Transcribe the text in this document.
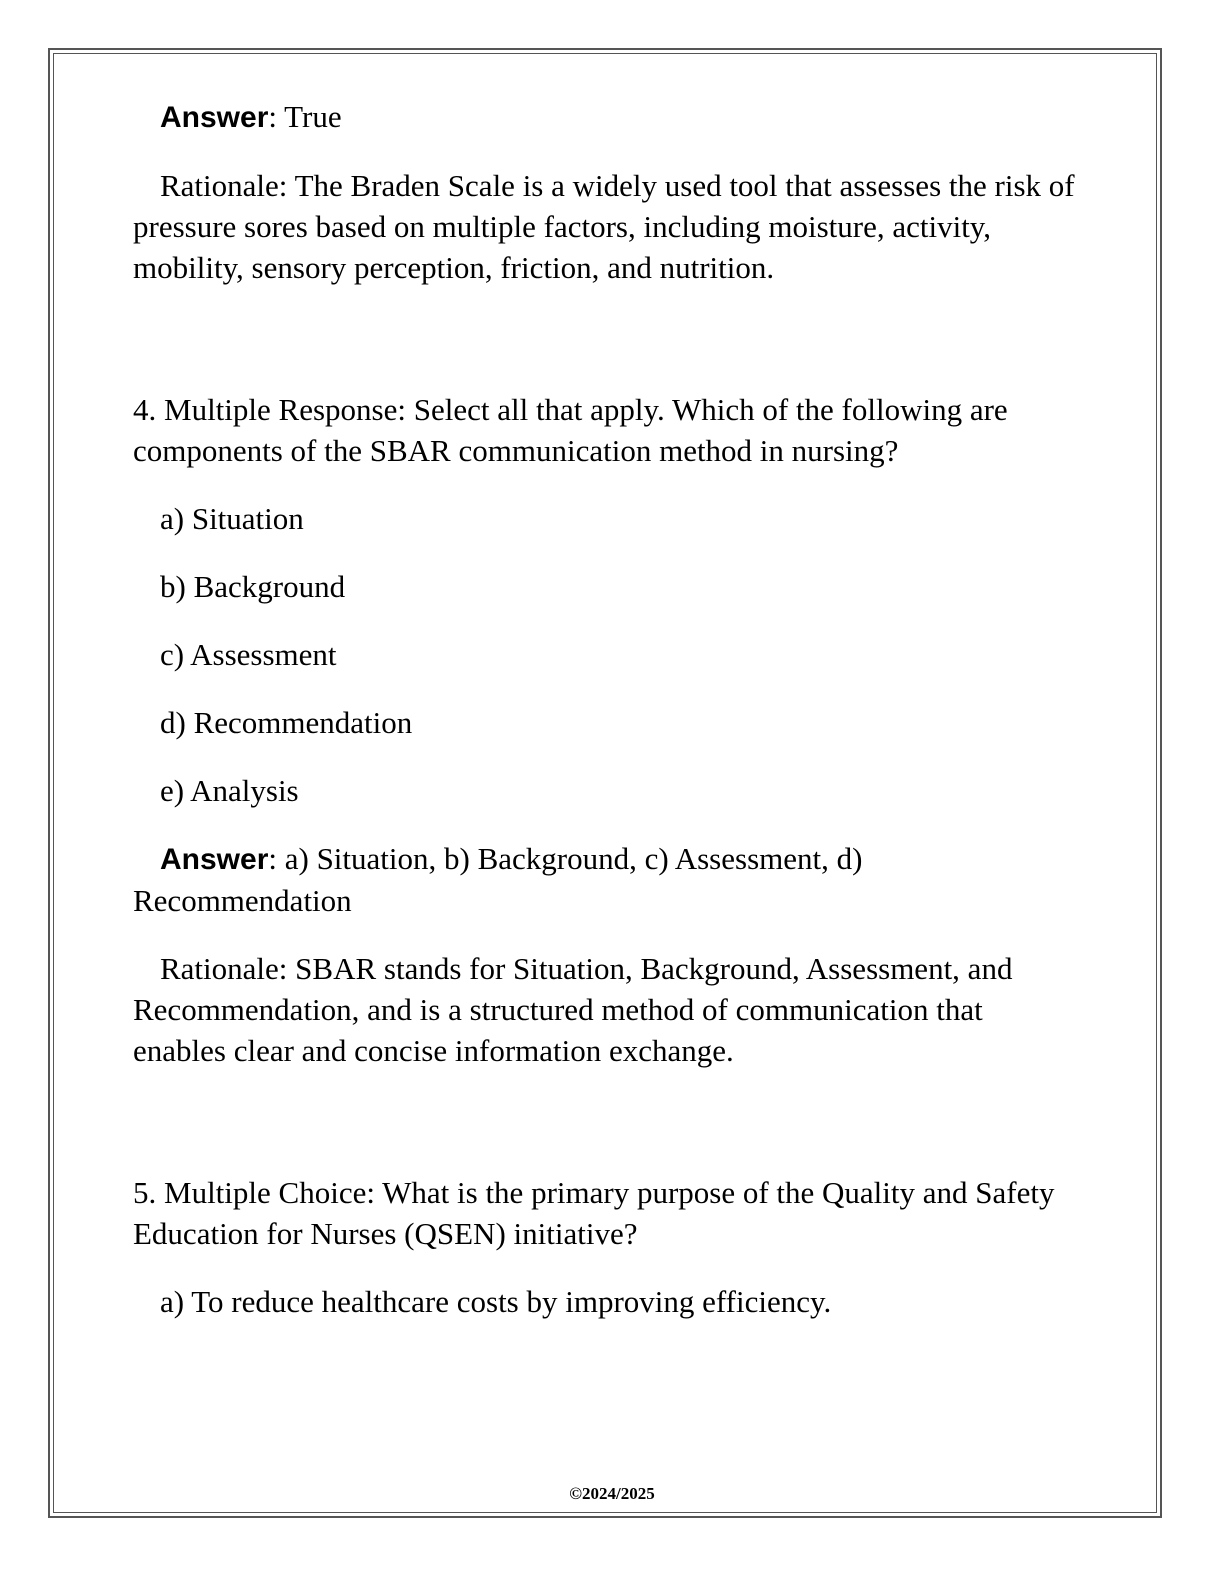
Answer: True

Rationale: The Braden Scale is a widely used tool that assesses the risk of pressure sores based on multiple factors, including moisture, activity, mobility, sensory perception, friction, and nutrition.

4. Multiple Response: Select all that apply. Which of the following are components of the SBAR communication method in nursing?

a) Situation

b) Background

c) Assessment

d) Recommendation

e) Analysis

Answer: a) Situation, b) Background, c) Assessment, d) Recommendation

Rationale: SBAR stands for Situation, Background, Assessment, and Recommendation, and is a structured method of communication that enables clear and concise information exchange.

5. Multiple Choice: What is the primary purpose of the Quality and Safety Education for Nurses (QSEN) initiative?

a) To reduce healthcare costs by improving efficiency.

©2024/2025
